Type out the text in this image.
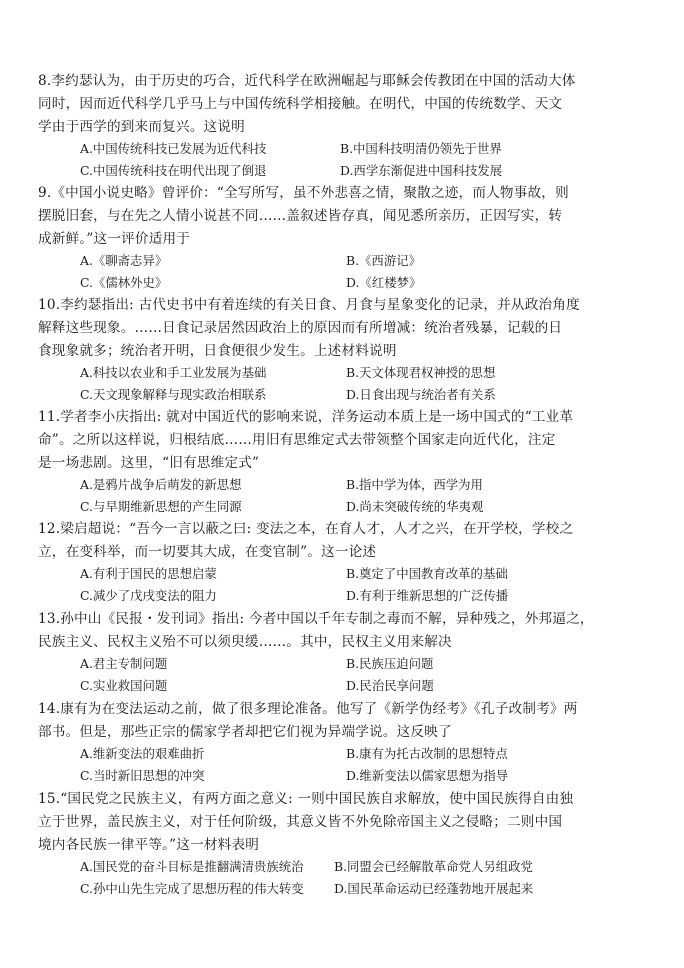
8.李约瑟认为，由于历史的巧合，近代科学在欧洲崛起与耶稣会传教团在中国的活动大体
同时，因而近代科学几乎马上与中国传统科学相接触。在明代，中国的传统数学、天文
学由于西学的到来而复兴。这说明
A.中国传统科技已发展为近代科技	B.中国科技明清仍领先于世界
C.中国传统科技在明代出现了倒退	D.西学东渐促进中国科技发展
9.《中国小说史略》曾评价：“全写所写，虽不外悲喜之情，聚散之迹，而人物事故，则
摆脱旧套，与在先之人情小说甚不同……盖叙述皆存真，闻见悉所亲历，正因写实，转
成新鲜。”这一评价适用于
A.《聊斋志异》	B.《西游记》
C.《儒林外史》	D.《红楼梦》
10.李约瑟指出: 古代史书中有着连续的有关日食、月食与星象变化的记录，并从政治角度
解释这些现象。……日食记录居然因政治上的原因而有所增减：统治者残暴，记载的日
食现象就多；统治者开明，日食便很少发生。上述材料说明
A.科技以农业和手工业发展为基础	B.天文体现君权神授的思想
C.天文现象解释与现实政治相联系	D.日食出现与统治者有关系
11.学者李小庆指出: 就对中国近代的影响来说，洋务运动本质上是一场中国式的“工业革
命”。之所以这样说，归根结底……用旧有思维定式去带领整个国家走向近代化，注定
是一场悲剧。这里，“旧有思维定式”
A.是鸦片战争后萌发的新思想	B.指中学为体，西学为用
C.与早期维新思想的产生同源	D.尚未突破传统的华夷观
12.梁启超说：“吾今一言以蔽之曰: 变法之本，在育人才，人才之兴，在开学校，学校之
立，在变科举，而一切要其大成，在变官制”。这一论述
A.有利于国民的思想启蒙	B.奠定了中国教育改革的基础
C.减少了戊戌变法的阻力	D.有利于维新思想的广泛传播
13.孙中山《民报・发刊词》指出: 今者中国以千年专制之毒而不解，异种残之，外邦逼之，
民族主义、民权主义殆不可以须臾缓……。其中，民权主义用来解决
A.君主专制问题	B.民族压迫问题
C.实业救国问题	D.民治民享问题
14.康有为在变法运动之前，做了很多理论准备。他写了《新学伪经考》《孔子改制考》两
部书。但是，那些正宗的儒家学者却把它们视为异端学说。这反映了
A.维新变法的艰难曲折	B.康有为托古改制的思想特点
C.当时新旧思想的冲突	D.维新变法以儒家思想为指导
15.“国民党之民族主义，有两方面之意义: 一则中国民族自求解放，使中国民族得自由独
立于世界，盖民族主义，对于任何阶级，其意义皆不外免除帝国主义之侵略；二则中国
境内各民族一律平等。”这一材料表明
A.国民党的奋斗目标是推翻满清贵族统治 B.同盟会已经解散革命党人另组政党
C.孙中山先生完成了思想历程的伟大转变 D.国民革命运动已经蓬勃地开展起来
